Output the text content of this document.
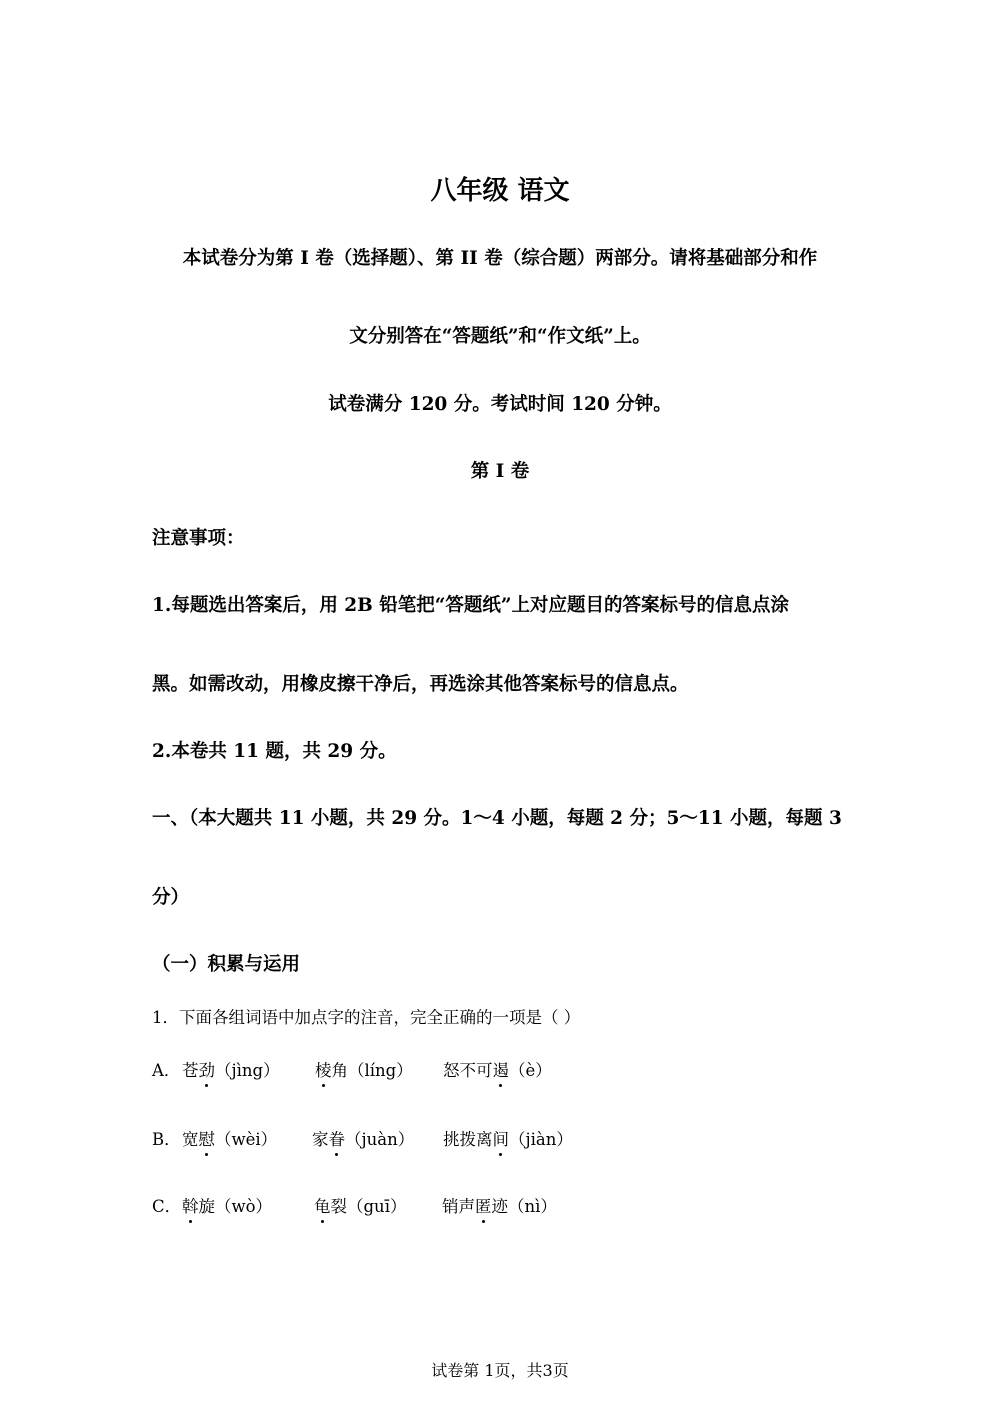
八年级 语文
本试卷分为第 I 卷（选择题）、第 II 卷（综合题）两部分。请将基础部分和作
文分别答在“答题纸”和“作文纸”上。
试卷满分 120 分。考试时间 120 分钟。
第 I 卷
注意事项：
1.每题选出答案后，用 2B 铅笔把“答题纸”上对应题目的答案标号的信息点涂
黑。如需改动，用橡皮擦干净后，再选涂其他答案标号的信息点。
2.本卷共 11 题，共 29 分。
一、（本大题共 11 小题，共 29 分。1～4 小题，每题 2 分；5～11 小题，每题 3
分）
（一）积累与运用
1．下面各组词语中加点字的注音，完全正确的一项是（ ）
A． 苍劲（jìng） 棱角（líng） 怒不可遏（è）
B． 宽慰（wèi） 家眷（juàn） 挑拨离间（jiàn）
C． 斡旋（wò）	龟裂（guī） 销声匿迹（nì）
试卷第 1页，共3页
